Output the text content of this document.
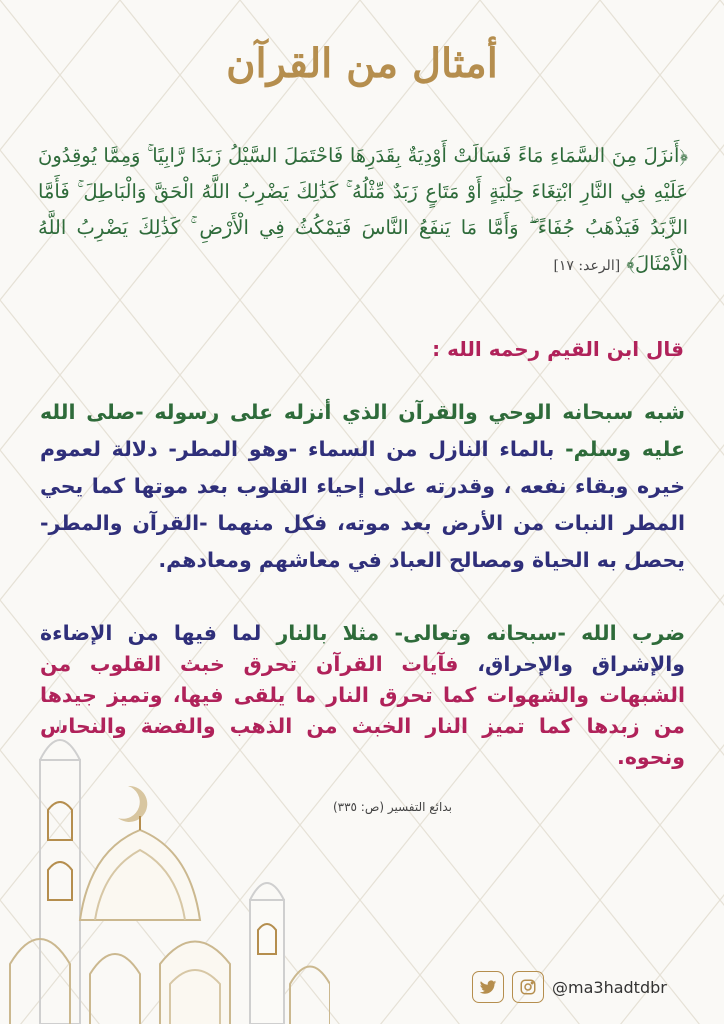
أمثال من القرآن
﴿أَنزَلَ مِنَ السَّمَاءِ مَاءً فَسَالَتْ أَوْدِيَةٌ بِقَدَرِهَا فَاحْتَمَلَ السَّيْلُ زَبَدًا رَّابِيًا ۚ وَمِمَّا يُوقِدُونَ عَلَيْهِ فِي النَّارِ ابْتِغَاءَ حِلْيَةٍ أَوْ مَتَاعٍ زَبَدٌ مِّثْلُهُ ۚ كَذَٰلِكَ يَضْرِبُ اللَّهُ الْحَقَّ وَالْبَاطِلَ ۚ فَأَمَّا الزَّبَدُ فَيَذْهَبُ جُفَاءً ۖ وَأَمَّا مَا يَنفَعُ النَّاسَ فَيَمْكُثُ فِي الْأَرْضِ ۚ كَذَٰلِكَ يَضْرِبُ اللَّهُ الْأَمْثَالَ﴾ [الرعد: ١٧]
قال ابن القيم رحمه الله :
شبه سبحانه الوحي والقرآن الذي أنزله على رسوله -صلى الله عليه وسلم- بالماء النازل من السماء -وهو المطر- دلالة لعموم خيره وبقاء نفعه ، وقدرته على إحياء القلوب بعد موتها كما يحي المطر النبات من الأرض بعد موته، فكل منهما -القرآن والمطر- يحصل به الحياة ومصالح العباد في معاشهم ومعادهم.
ضرب الله -سبحانه وتعالى- مثلا بالنار لما فيها من الإضاءة والإشراق والإحراق، فآيات القرآن تحرق خبث القلوب من الشبهات والشهوات كما تحرق النار ما يلقى فيها، وتميز جيدها من زبدها كما تميز النار الخبث من الذهب والفضة والنحاس ونحوه.
بدائع التفسير (ص: ٣٣٥)
@ma3hadtdbr
